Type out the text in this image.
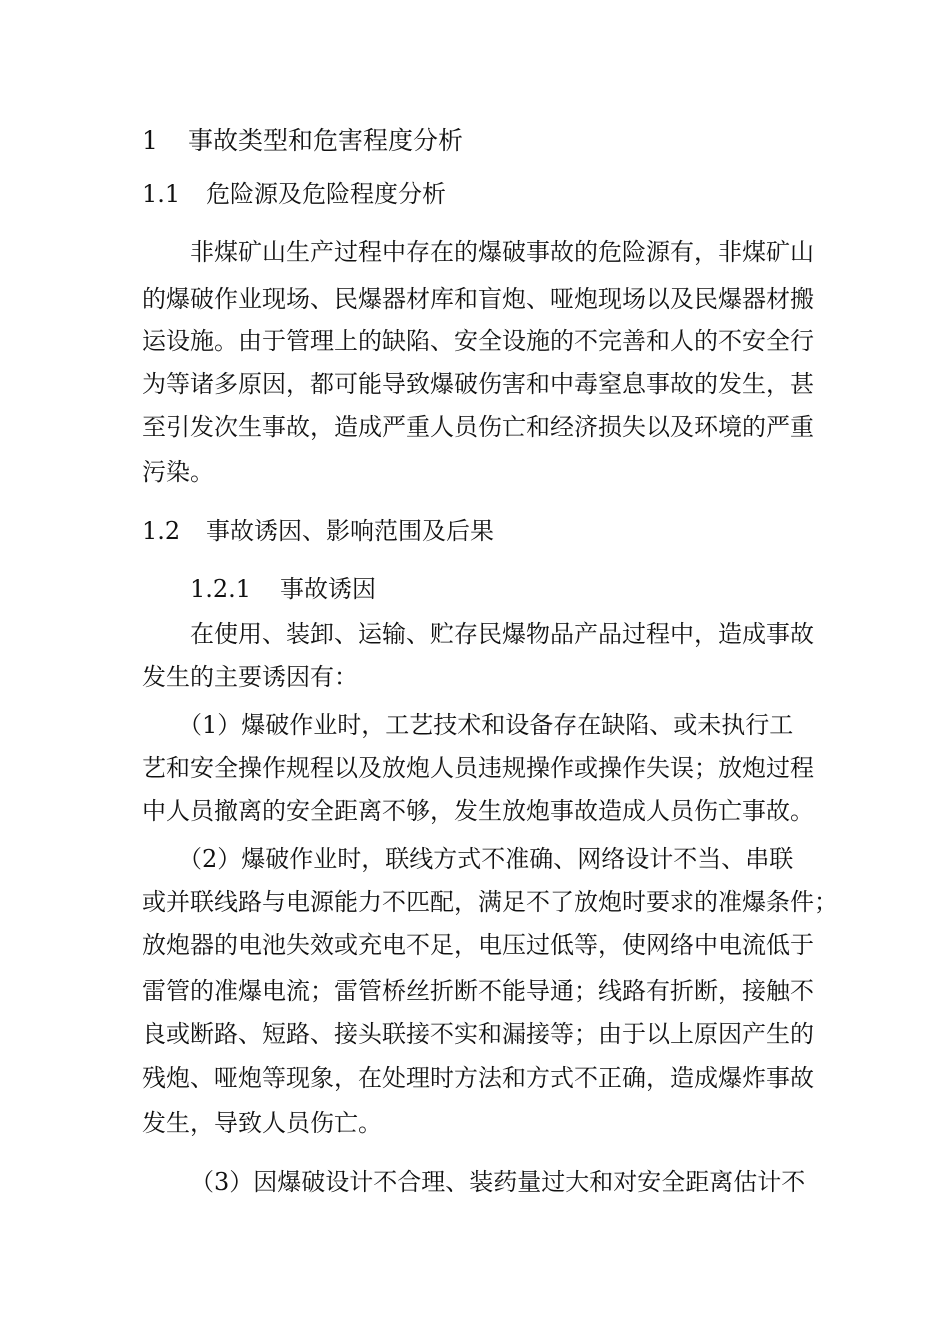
1 事故类型和危害程度分析
1.1 危险源及危险程度分析
非煤矿山生产过程中存在的爆破事故的危险源有，非煤矿山
的爆破作业现场、民爆器材库和盲炮、哑炮现场以及民爆器材搬
运设施。由于管理上的缺陷、安全设施的不完善和人的不安全行
为等诸多原因，都可能导致爆破伤害和中毒窒息事故的发生，甚
至引发次生事故，造成严重人员伤亡和经济损失以及环境的严重
污染。
1.2 事故诱因、影响范围及后果
1.2.1 事故诱因
在使用、装卸、运输、贮存民爆物品产品过程中，造成事故
发生的主要诱因有：
（1）爆破作业时，工艺技术和设备存在缺陷、或未执行工
艺和安全操作规程以及放炮人员违规操作或操作失误；放炮过程
中人员撤离的安全距离不够，发生放炮事故造成人员伤亡事故。
（2）爆破作业时，联线方式不准确、网络设计不当、串联
或并联线路与电源能力不匹配，满足不了放炮时要求的准爆条件；
放炮器的电池失效或充电不足，电压过低等，使网络中电流低于
雷管的准爆电流；雷管桥丝折断不能导通；线路有折断，接触不
良或断路、短路、接头联接不实和漏接等；由于以上原因产生的
残炮、哑炮等现象，在处理时方法和方式不正确，造成爆炸事故
发生，导致人员伤亡。
（3）因爆破设计不合理、装药量过大和对安全距离估计不
